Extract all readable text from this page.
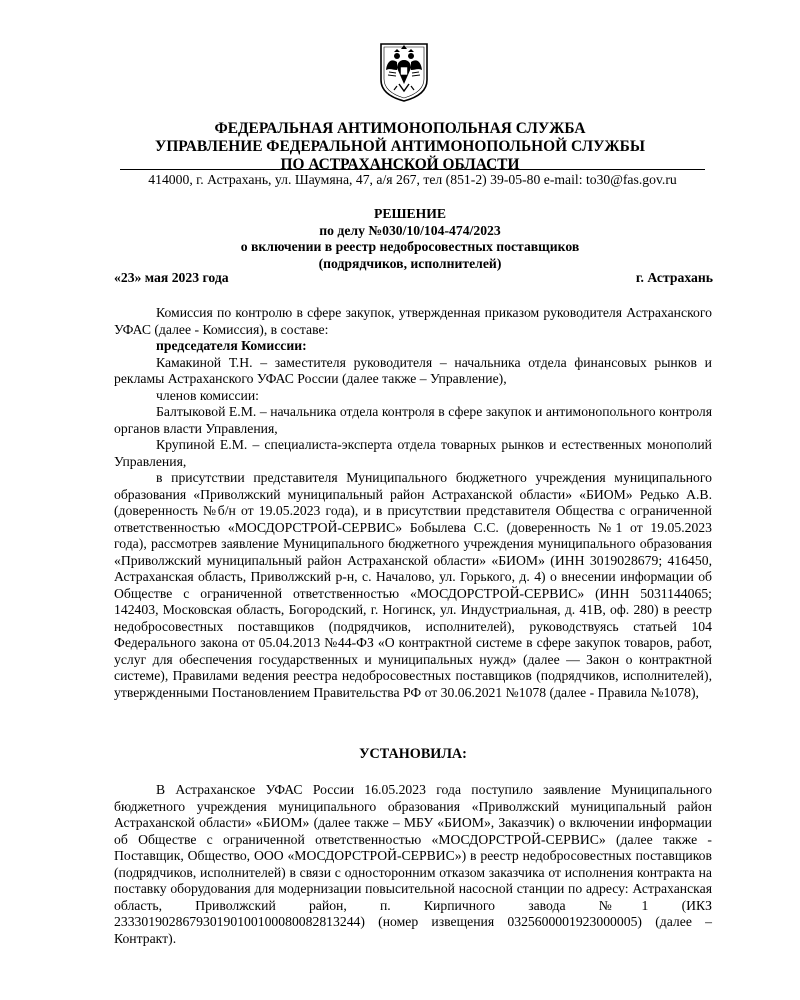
ФЕДЕРАЛЬНАЯ АНТИМОНОПОЛЬНАЯ СЛУЖБА
УПРАВЛЕНИЕ ФЕДЕРАЛЬНОЙ АНТИМОНОПОЛЬНОЙ СЛУЖБЫ
ПО АСТРАХАНСКОЙ ОБЛАСТИ
414000, г. Астрахань, ул. Шаумяна, 47, а/я 267, тел (851-2) 39-05-80 e-mail: to30@fas.gov.ru
РЕШЕНИЕ
по делу №030/10/104-474/2023
о включении в реестр недобросовестных поставщиков
(подрядчиков, исполнителей)
«23» мая 2023 года	г. Астрахань

Комиссия по контролю в сфере закупок, утвержденная приказом руководителя Астраханского УФАС (далее - Комиссия), в составе:

председателя Комиссии:

Камакиной Т.Н. – заместителя руководителя – начальника отдела финансовых рынков и рекламы Астраханского УФАС России (далее также – Управление),

членов комиссии:

Балтыковой Е.М. – начальника отдела контроля в сфере закупок и антимонопольного контроля органов власти Управления,

Крупиной Е.М. – специалиста-эксперта отдела товарных рынков и естественных монополий Управления,

в присутствии представителя Муниципального бюджетного учреждения муниципального образования «Приволжский муниципальный район Астраханской области» «БИОМ» Редько А.В. (доверенность №б/н от 19.05.2023 года), и в присутствии представителя Общества с ограниченной ответственностью «МОСДОРСТРОЙ-СЕРВИС» Бобылева С.С. (доверенность №1 от 19.05.2023 года), рассмотрев заявление Муниципального бюджетного учреждения муниципального образования «Приволжский муниципальный район Астраханской области» «БИОМ» (ИНН 3019028679; 416450, Астраханская область, Приволжский р-н, с. Началово, ул. Горького, д. 4) о внесении информации об Обществе с ограниченной ответственностью «МОСДОРСТРОЙ-СЕРВИС» (ИНН 5031144065; 142403, Московская область, Богородский, г. Ногинск, ул. Индустриальная, д. 41В, оф. 280) в реестр недобросовестных поставщиков (подрядчиков, исполнителей), руководствуясь статьей 104 Федерального закона от 05.04.2013 №44-ФЗ «О контрактной системе в сфере закупок товаров, работ, услуг для обеспечения государственных и муниципальных нужд» (далее — Закон о контрактной системе), Правилами ведения реестра недобросовестных поставщиков (подрядчиков, исполнителей), утвержденными Постановлением Правительства РФ от 30.06.2021 №1078 (далее - Правила №1078),

УСТАНОВИЛА:

В Астраханское УФАС России 16.05.2023 года поступило заявление Муниципального бюджетного учреждения муниципального образования «Приволжский муниципальный район Астраханской области» «БИОМ» (далее также – МБУ «БИОМ», Заказчик) о включении информации об Обществе с ограниченной ответственностью «МОСДОРСТРОЙ-СЕРВИС» (далее также - Поставщик, Общество, ООО «МОСДОРСТРОЙ-СЕРВИС») в реестр недобросовестных поставщиков (подрядчиков, исполнителей) в связи с односторонним отказом заказчика от исполнения контракта на поставку оборудования для модернизации повысительной насосной станции по адресу: Астраханская область, Приволжский район, п. Кирпичного завода №1 (ИКЗ 233301902867930190100100080082813244) (номер извещения 0325600001923000005) (далее – Контракт).
